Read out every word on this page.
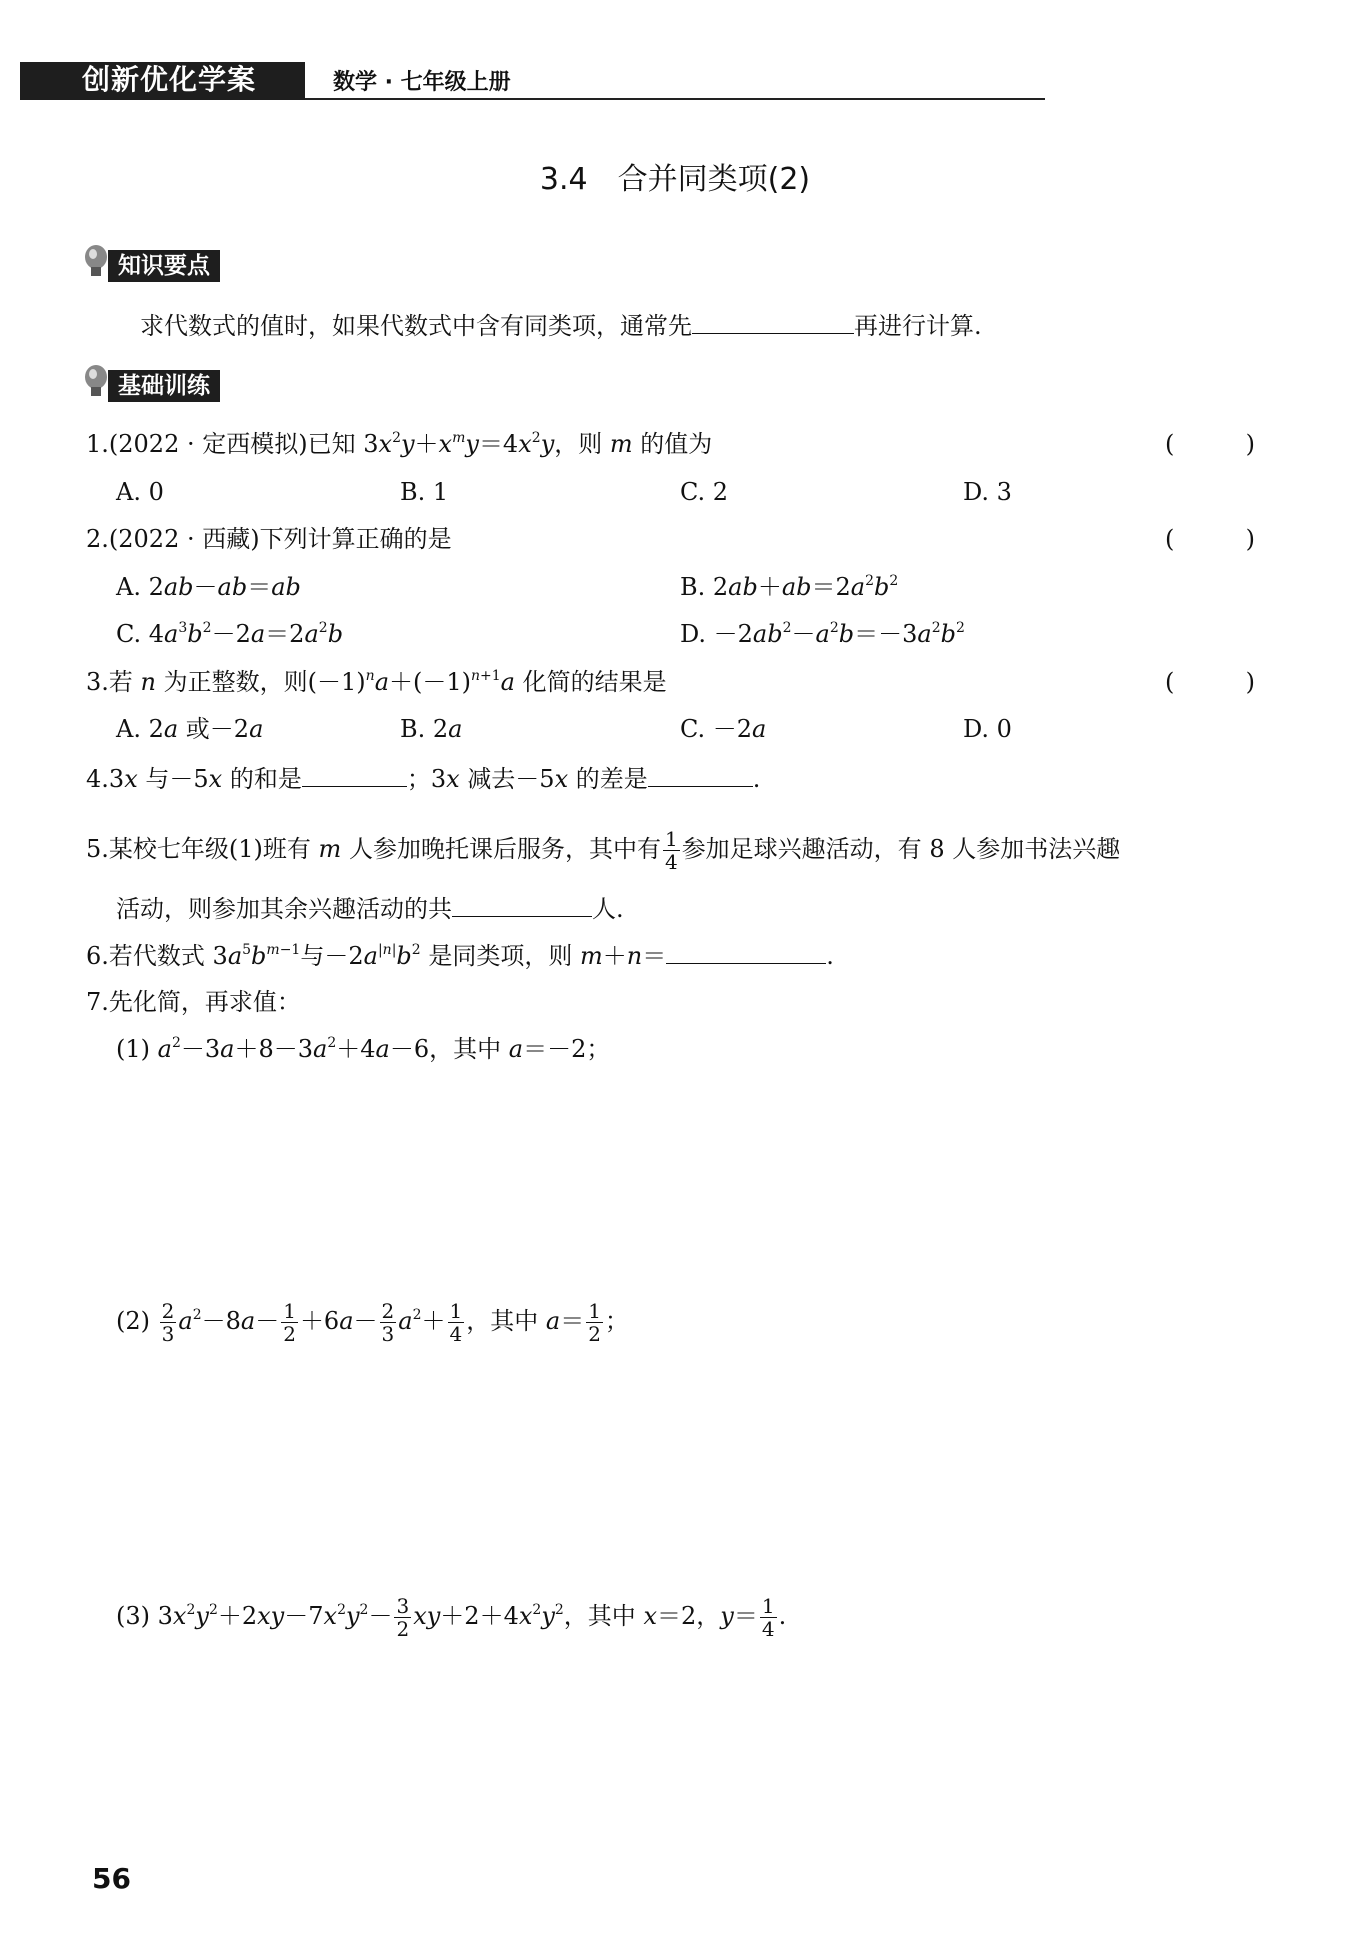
创新优化学案	数学 · 七年级上册
3.4 合并同类项(2)
知识要点
求代数式的值时，如果代数式中含有同类项，通常先	再进行计算.
基础训练
1.(2022 · 定西模拟)已知 $3x^2y+x^my=4x^2y$，则 m 的值为	(	)
A. 0	B. 1	C. 2	D. 3
2.(2022 · 西藏)下列计算正确的是	(	)
A. 2ab－ab＝ab	B. $2ab+ab=2a^2b^2$
C. $4a^3b^2-2a=2a^2b$	D. $-2ab^2-a^2b=-3a^2b^2$
3.若 n 为正整数，则$(-1)^na+(-1)^{n+1}a$ 化简的结果是	(	)
A. 2a 或－2a	B. 2a	C. －2a	D. 0
4.3x 与－5x 的和是	；3x 减去－5x 的差是	.
5.某校七年级(1)班有 m 人参加晚托课后服务，其中有 $\frac{1}{4}$ 参加足球兴趣活动，有 8 人参加书法兴趣
活动，则参加其余兴趣活动的共	人.
6.若代数式 $3a^5b^{m-1}$与$-2a^{|n|}b^2$ 是同类项，则 m＋n＝	.
7.先化简，再求值：
(1) $a^2-3a+8-3a^2+4a-6$，其中 a＝－2；
$(2) \frac{2}{3} a^2-8a- \frac{1}{2} +6a- \frac{2}{3} a^2+ \frac{1}{4}$ ，其中 $a= \frac{1}{2}$ ；
(3) $3x^2y^2+2xy-7x^2y^2- \frac{3}{2} xy+2+4x^2y^2$，其中 x＝2，$y= \frac{1}{4}$ .
56
